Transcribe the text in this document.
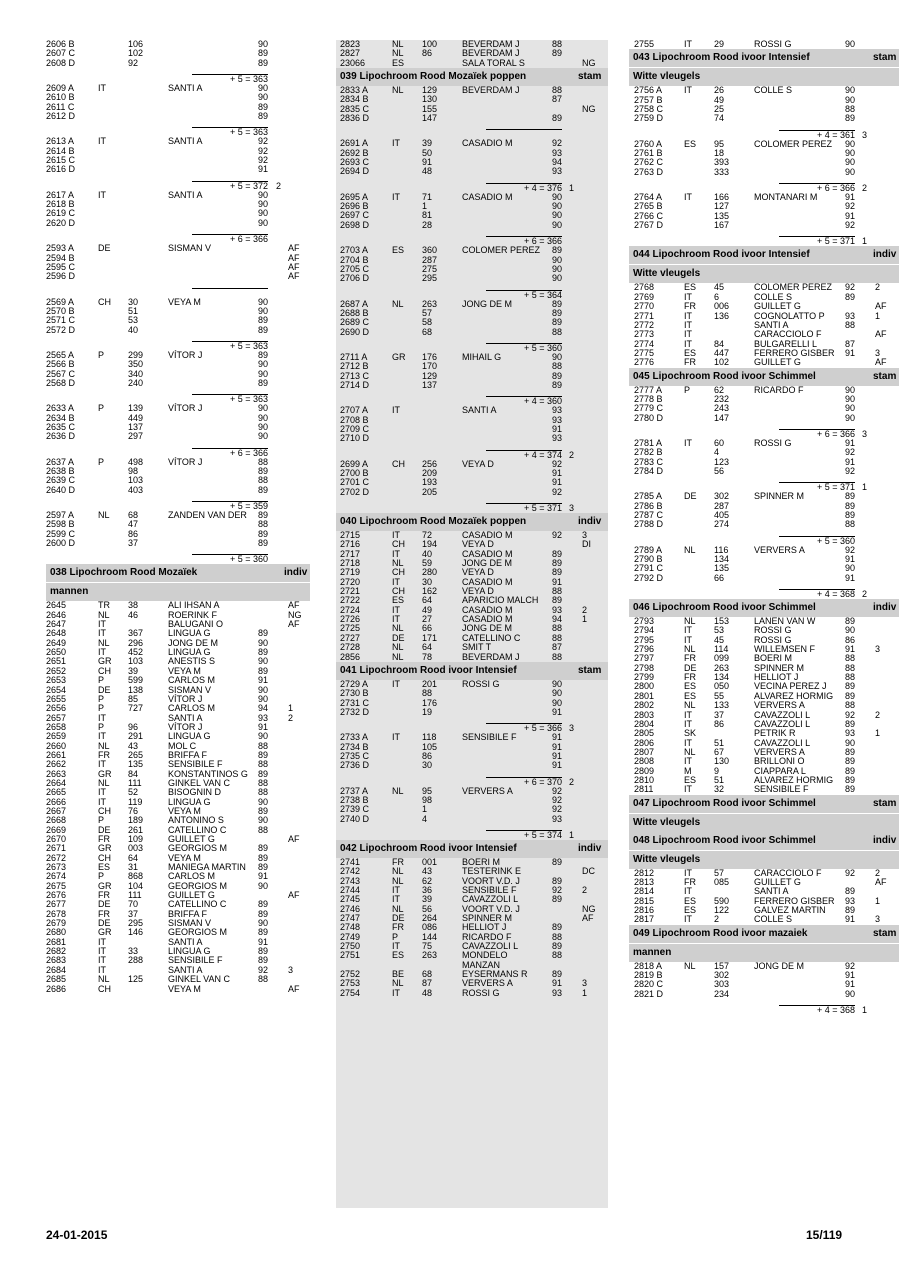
2606 B	106	90
2607 C	102	89
2608 D	92	89
+ 5 = 363
2609 A	IT	SANTI A	90
2610 B	90
2611 C	89
2612 D	89
+ 5 = 363
2613 A	IT	SANTI A	92
2614 B	92
2615 C	92
2616 D	91
+ 5 = 372 2
2617 A	IT	SANTI A	90
2618 B	90
2619 C	90
2620 D	90
+ 6 = 366
2593 A	DE	SISMAN V	AF
2594 B	AF
2595 C	AF
2596 D	AF
2569 A	CH 30	VEYA M	90
2570 B	51	90
2571 C	53	89
2572 D	40	89
+ 5 = 363
2565 A	P	299	VÍTOR J	89
2566 B	350	90
2567 C	340	90
2568 D	240	89
+ 5 = 363
2633 A	P	139	VÍTOR J	90
2634 B	449	90
2635 C	137	90
2636 D	297	90
+ 6 = 366
2637 A	P	498	VÍTOR J	88
2638 B	98	89
2639 C	103	88
2640 D	403	89
+ 5 = 359
2597 A	NL 68	ZANDEN VAN DER 89
2598 B	47	88
2599 C	86	89
2600 D	37	89
+ 5 = 360
038 Lipochroom Rood Mozaïek	indiv
mannen
2645	TR 38	ALI IHSAN A	AF
2646	NL 46	ROERINK F	NG
2647	IT	BALUGANI O	AF
2648	IT 367	LINGUA G	89
2649	NL 296	JONG DE M	90
2650	IT 452	LINGUA G	89
2651	GR 103	ANESTIS S	90
2652	CH 39	VEYA M	89
2653	P	599	CARLOS M	91
2654	DE 138	SISMAN V	90
2655	P	85	VÍTOR J	90
2656	P	727	CARLOS M	94 1
2657	IT	SANTI A	93 2
2658	P	96	VÍTOR J	91
2659	IT 291	LINGUA G	90
2660	NL 43	MOL C	88
2661	FR 265	BRIFFA F	89
2662	IT 135	SENSIBILE F	88
2663	GR 84	KONSTANTINOS G 89
2664	NL 111	GINKEL VAN C	88
2665	IT 52	BISOGNIN D	88
2666	IT 119	LINGUA G	90
2667	CH 76	VEYA M	89
2668	P	189	ANTONINO S	90
2669	DE 261	CATELLINO C	88
2670	FR 109	GUILLET G	AF
2671	GR 003	GEORGIOS M	89
2672	CH 64	VEYA M	89
2673	ES 31	MANIEGA MARTIN 89
2674	P	868	CARLOS M	91
2675	GR 104	GEORGIOS M	90
2676	FR 111	GUILLET G	AF
2677	DE 70	CATELLINO C	89
2678	FR 37	BRIFFA F	89
2679	DE 295	SISMAN V	90
2680	GR 146	GEORGIOS M	89
2681	IT	SANTI A	91
2682	IT 33	LINGUA G	89
2683	IT 288	SENSIBILE F	89
2684	IT	SANTI A	92 3
2685	NL 125	GINKEL VAN C	88
2686	CH	VEYA M	AF
2823	NL 100	BEVERDAM J	88
2827	NL 86	BEVERDAM J	89
23066	ES	SALA TORAL S	NG
039 Lipochroom Rood Mozaïek poppen	stam
2833 A	NL 129	BEVERDAM J	88
2834 B	130	87
2835 C	155	NG
2836 D	147	89
2691 A	IT 39	CASADIO M	92
2692 B	50	93
2693 C	91	94
2694 D	48	93
+ 4 = 376 1
2695 A	IT 71	CASADIO M	90
2696 B	1	90
2697 C	81	90
2698 D	28	90
+ 6 = 366
2703 A	ES 360	COLOMER PEREZ 89
2704 B	287	90
2705 C	275	90
2706 D	295	90
+ 5 = 364
2687 A	NL 263	JONG DE M	89
2688 B	57	89
2689 C	58	89
2690 D	68	88
+ 5 = 360
2711 A	GR 176	MIHAIL G	90
2712 B	170	88
2713 C	129	89
2714 D	137	89
+ 4 = 360
2707 A	IT	SANTI A	93
2708 B	93
2709 C	91
2710 D	93
+ 4 = 374 2
2699 A	CH 256	VEYA D	92
2700 B	209	91
2701 C	193	91
2702 D	205	92
+ 5 = 371 3
040 Lipochroom Rood Mozaïek poppen	indiv
2715	IT 72	CASADIO M	92 3
2716	CH 194	VEYA D	DI
2717	IT 40	CASADIO M	89
2718	NL 59	JONG DE M	89
2719	CH 280	VEYA D	89
2720	IT 30	CASADIO M	91
2721	CH 162	VEYA D	88
2722	ES 64	APARICIO MALCH 89
2724	IT 49	CASADIO M	93 2
2726	IT 27	CASADIO M	94 1
2725	NL 66	JONG DE M	88
2727	DE 171	CATELLINO C	88
2728	NL 64	SMIT T	87
2856	NL 78	BEVERDAM J	88
041 Lipochroom Rood ivoor Intensief	stam
2729 A	IT 201	ROSSI G	90
2730 B	88	90
2731 C	176	90
2732 D	19	91
+ 5 = 366 3
2733 A	IT 118	SENSIBILE F	91
2734 B	105	91
2735 C	86	91
2736 D	30	91
+ 6 = 370 2
2737 A	NL 95	VERVERS A	92
2738 B	98	92
2739 C	1	92
2740 D	4	93
+ 5 = 374 1
042 Lipochroom Rood ivoor Intensief	indiv
2741	FR 001	BOERI M	89
2742	NL 43	TESTERINK E	DC
2743	NL 62	VOORT V.D. J	89
2744	IT 36	SENSIBILE F	92 2
2745	IT 39	CAVAZZOLI L	89
2746	NL 56	VOORT V.D. J	NG
2747	DE 264	SPINNER M	AF
2748	FR 086	HELLIOT J	89
2749	P	144	RICARDO F	88
2750	IT 75	CAVAZZOLI L	89
2751	ES 263	MONDELO	88
MANZAN
2752	BE 68	EYSERMANS R	89
2753	NL 87	VERVERS A	91 3
2754	IT 48	ROSSI G	93 1
2755	IT 29	ROSSI G	90
043 Lipochroom Rood ivoor Intensief	stam
Witte vleugels
2756 A IT 26	COLLE S	90
2757 B	49	90
2758 C	25	88
2759 D	74	89
+ 4 = 361 3
2760 A ES 95	COLOMER PEREZ 90
2761 B	18	90
2762 C	393	90
2763 D	333	90
+ 6 = 366 2
2764 A IT 166	MONTANARI M	91
2765 B	127	92
2766 C	135	91
2767 D	167	92
+ 5 = 371 1
044 Lipochroom Rood ivoor Intensief	indiv
Witte vleugels
2768	ES 45	COLOMER PEREZ 92 2
2769	IT 6	COLLE S	89
2770	FR 006	GUILLET G	AF
2771	IT 136	COGNOLATTO P 93 1
2772	IT	SANTI A	88
2773	IT	CARACCIOLO F	AF
2774	IT 84	BULGARELLI L	87
2775	ES 447	FERRERO GISBER 91 3
2776	FR 102	GUILLET G	AF
045 Lipochroom Rood ivoor Schimmel	stam
2777 A P	62	RICARDO F	90
2778 B	232	90
2779 C	243	90
2780 D	147	90
+ 6 = 366 3
2781 A IT 60	ROSSI G	91
2782 B	4	92
2783 C	123	91
2784 D	56	92
+ 5 = 371 1
2785 A DE 302	SPINNER M	89
2786 B	287	89
2787 C	405	89
2788 D	274	88
+ 5 = 360
2789 A NL 116	VERVERS A	92
2790 B	134	91
2791 C	135	90
2792 D	66	91
+ 4 = 368 2
046 Lipochroom Rood ivoor Schimmel	indiv
2793	NL 153	LANEN VAN W	89
2794	IT 53	ROSSI G	90
2795	IT 45	ROSSI G	86
2796	NL 114	WILLEMSEN F	91 3
2797	FR 099	BOERI M	88
2798	DE 263	SPINNER M	88
2799	FR 134	HELLIOT J	88
2800	ES 050	VECINA PEREZ J 89
2801	ES 55	ALVAREZ HORMIG 89
2802	NL 133	VERVERS A	88
2803	IT 37	CAVAZZOLI L	92 2
2804	IT 86	CAVAZZOLI L	89
2805	SK	PETRIK R	93 1
2806	IT 51	CAVAZZOLI L	90
2807	NL 67	VERVERS A	89
2808	IT 130	BRILLONI O	89
2809	M	9	CIAPPARA L	89
2810	ES 51	ALVAREZ HORMIG 89
2811	IT 32	SENSIBILE F	89
047 Lipochroom Rood ivoor Schimmel	stam
Witte vleugels
048 Lipochroom Rood ivoor Schimmel	indiv
Witte vleugels
2812	IT 57	CARACCIOLO F	92 2
2813	FR 085	GUILLET G	AF
2814	IT	SANTI A	89
2815	ES 590	FERRERO GISBER 93 1
2816	ES 122	GALVEZ MARTIN 89
2817	IT 2	COLLE S	91 3
049 Lipochroom Rood ivoor mazaiek	stam
mannen
2818 A NL 157	JONG DE M	92
2819 B	302	91
2820 C	303	91
2821 D	234	90
+ 4 = 368 1
24-01-2015	15/119
